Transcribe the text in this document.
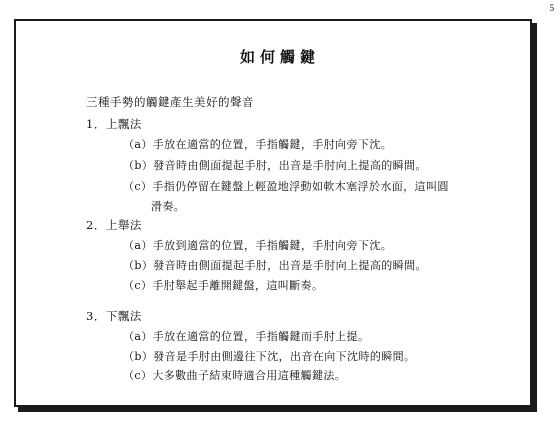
5
如何觸鍵
三種手勢的觸鍵產生美好的聲音
1．上飄法
（a）手放在適當的位置，手指觸鍵，手肘向旁下沈。
（b）發音時由側面提起手肘，出音是手肘向上提高的瞬間。
（c）手指仍停留在鍵盤上輕盈地浮動如軟木塞浮於水面，這叫圓
滑奏。
2．上舉法
（a）手放到適當的位置，手指觸鍵，手肘向旁下沈。
（b）發音時由側面提起手肘，出音是手肘向上提高的瞬間。
（c）手肘舉起手離開鍵盤，這叫斷奏。
3．下飄法
（a）手放在適當的位置，手指觸鍵而手肘上提。
（b）發音是手肘由側邊往下沈，出音在向下沈時的瞬間。
（c）大多數曲子結束時適合用這種觸鍵法。
